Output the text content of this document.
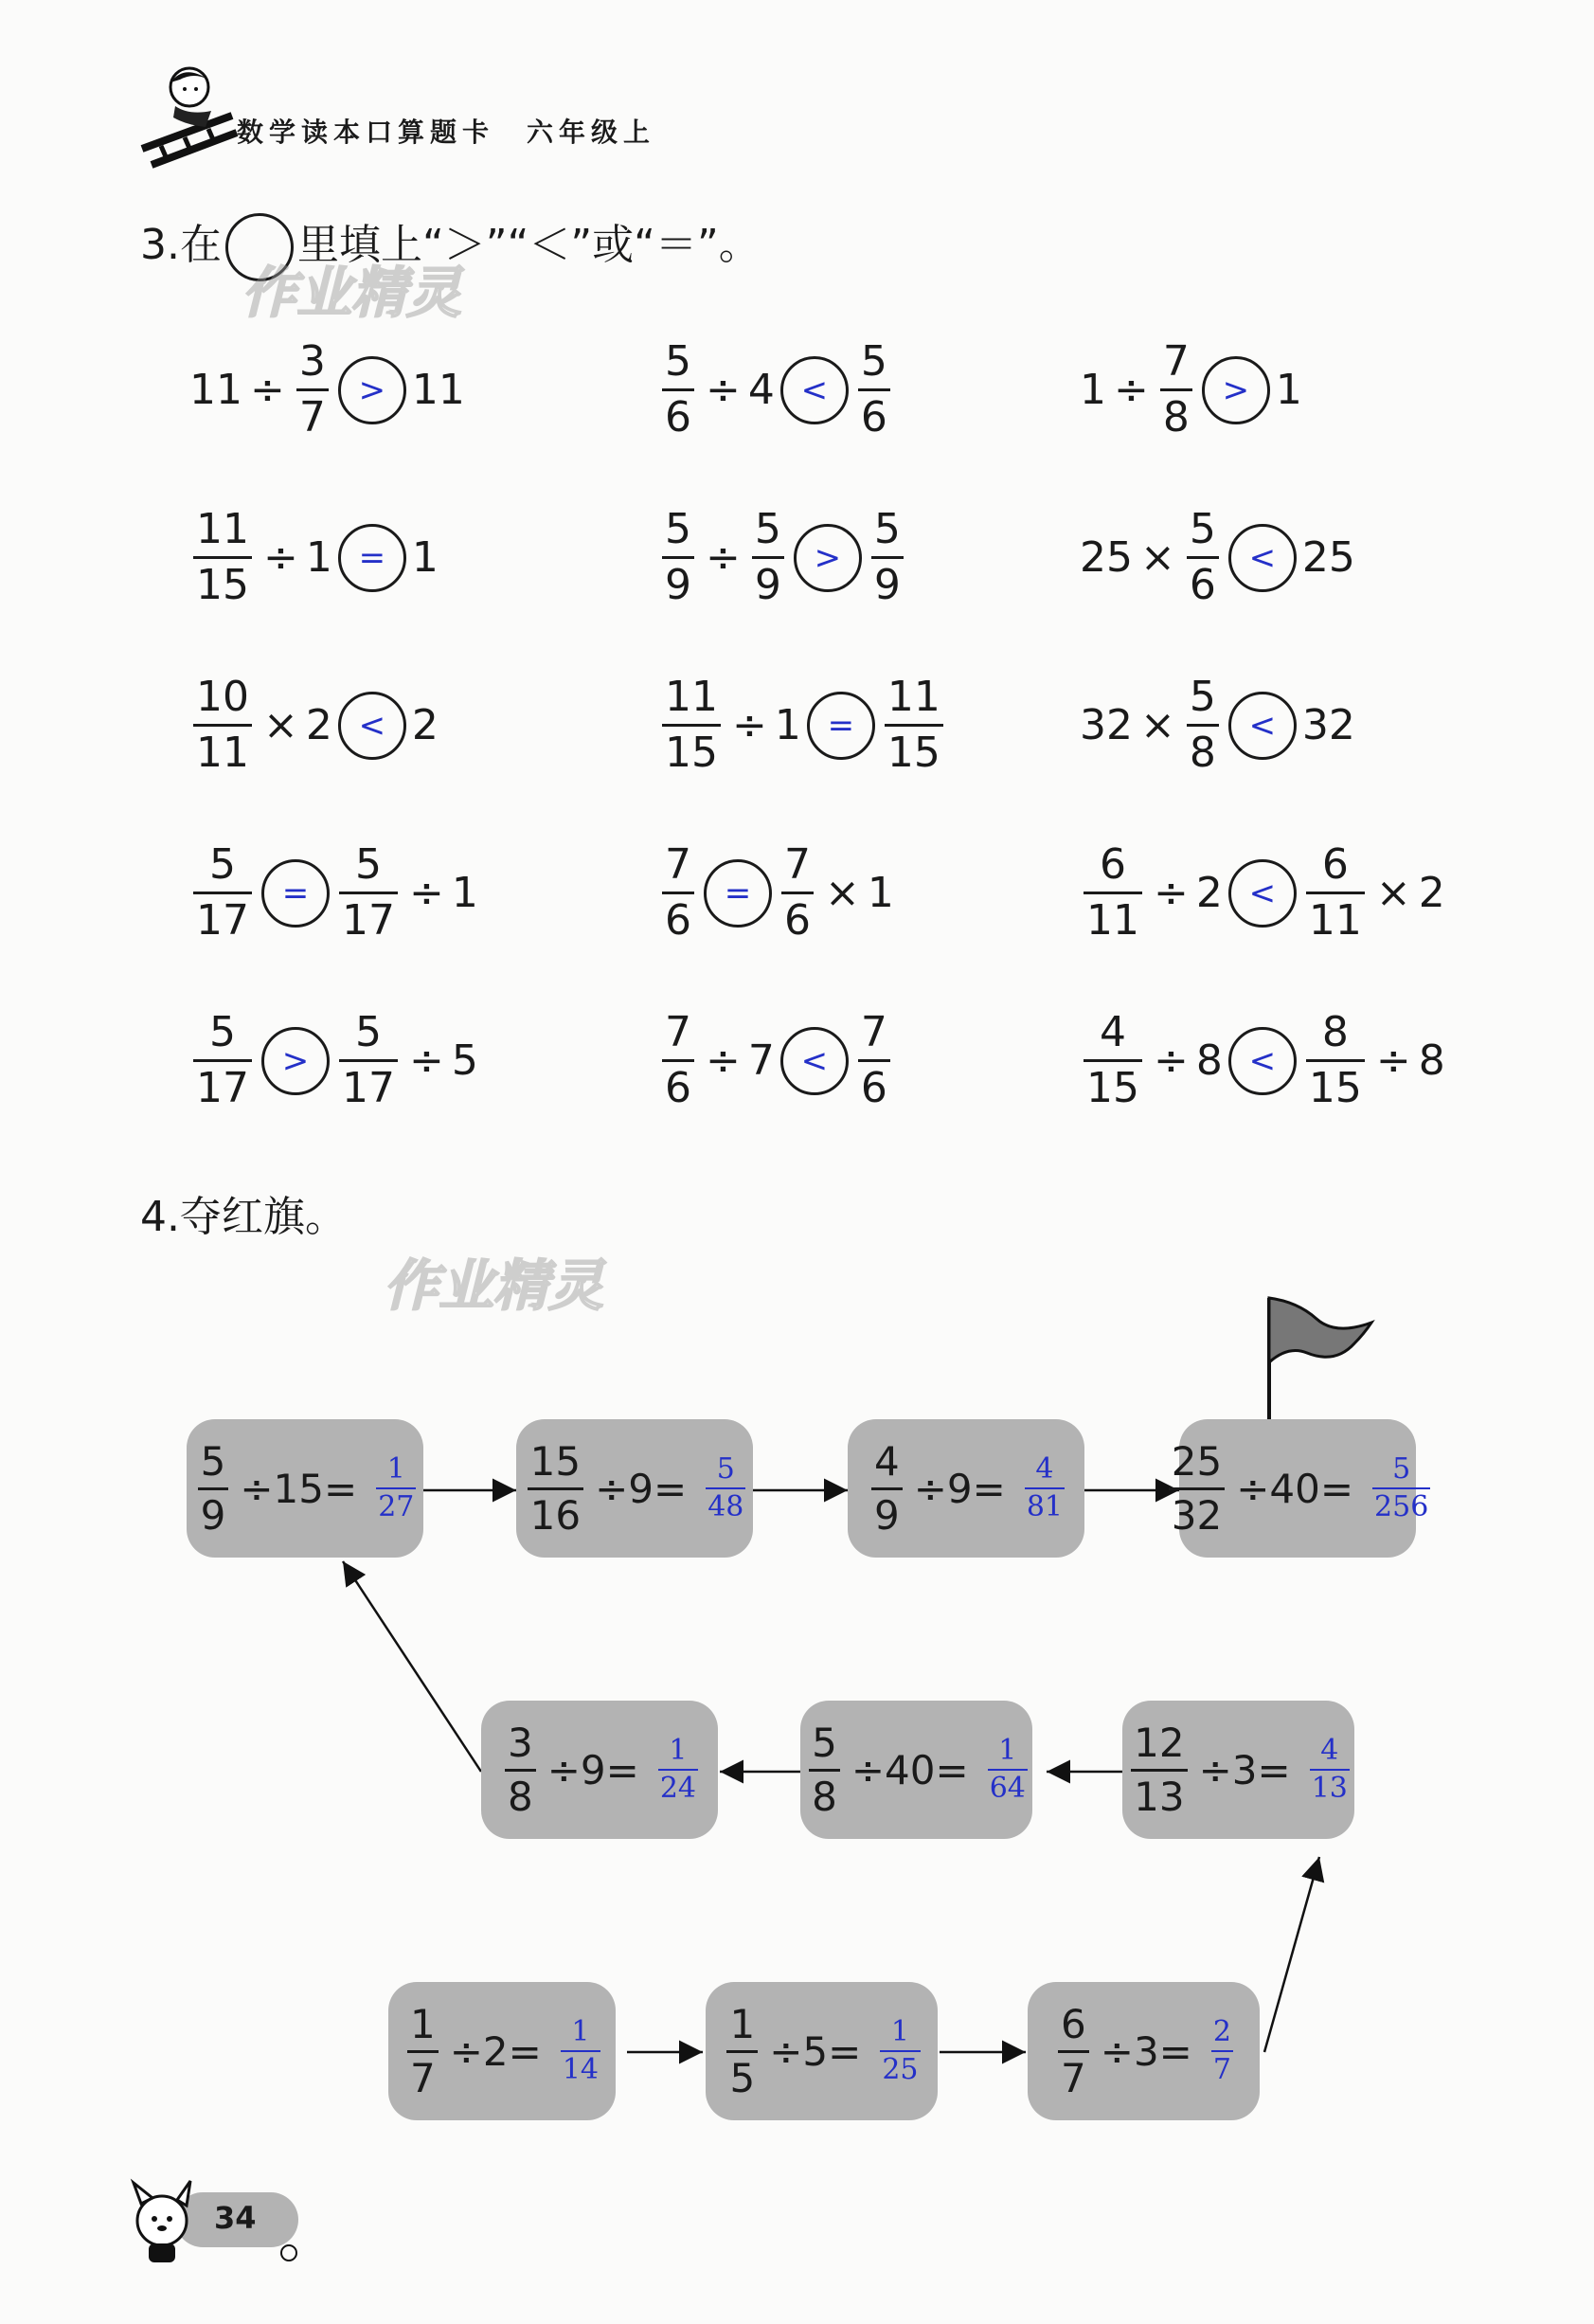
数学读本口算题卡　六年级上
3.在 里填上“＞”“＜”或“＝”。
作业精灵
$11 \div \frac{3}{7} > 11$	$\frac{5}{6} \div 4 < \frac{5}{6}$	$1 \div \frac{7}{8} > 1$
$\frac{11}{15} \div 1 = 1$	$\frac{5}{9} \div \frac{5}{9} > \frac{5}{9}$	$25 \times \frac{5}{6} < 25$
$\frac{10}{11} \times 2 < 2$	$\frac{11}{15} \div 1 = \frac{11}{15}$	$32 \times \frac{5}{8} < 32$
$\frac{5}{17} = \frac{5}{17} \div 1$	$\frac{7}{6} = \frac{7}{6} \times 1$	$\frac{6}{11} \div 2 < \frac{6}{11} \times 2$
$\frac{5}{17} > \frac{5}{17} \div 5$	$\frac{7}{6} \div 7 < \frac{7}{6}$	$\frac{4}{15} \div 8 < \frac{8}{15} \div 8$
4.夺红旗。
作业精灵
$\frac{1}{7} \div 2= \frac{1}{14}$	$\frac{1}{5} \div 5= \frac{1}{25}$	$\frac{6}{7} \div 3= \frac{2}{7}$
$\frac{12}{13} \div 3= \frac{4}{13}$
$\frac{5}{8} \div 40= \frac{1}{64}$
$\frac{3}{8} \div 9= \frac{1}{24}$
$\frac{5}{9} \div 15= \frac{1}{27}$	$\frac{15}{16} \div 9= \frac{5}{48}$	$\frac{4}{9} \div 9= \frac{4}{81}$	$\frac{25}{32} \div 40= \frac{5}{256}$
34
